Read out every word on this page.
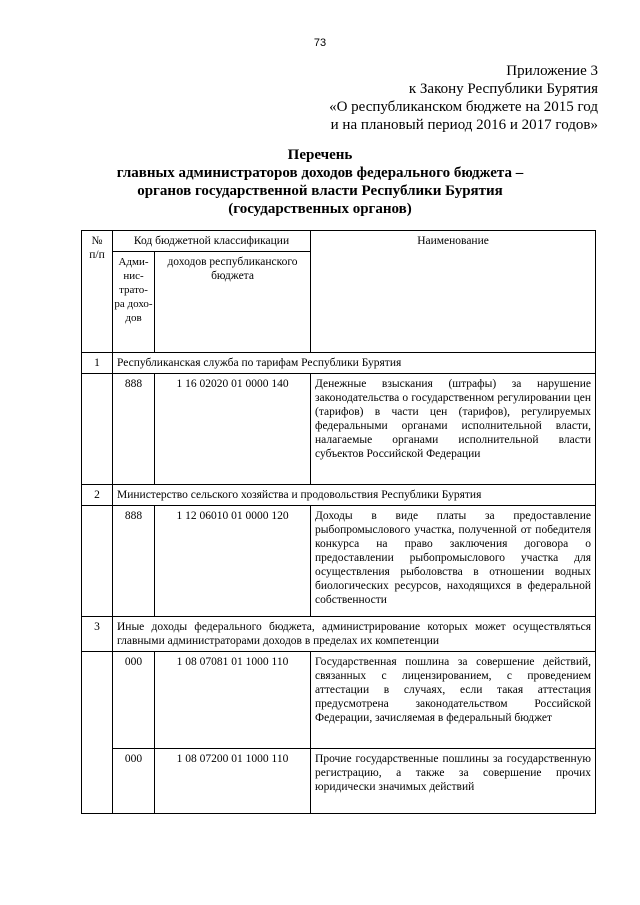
73
Приложение 3
к Закону Республики Бурятия
«О республиканском бюджете на 2015 год
и на плановый период 2016 и 2017 годов»
Перечень
главных администраторов доходов федерального бюджета –
органов государственной власти Республики Бурятия
(государственных органов)
№ п/п	Код бюджетной классификации		Наименование
	Адми-нис-трато-ра дохо-дов	доходов республиканского бюджета	
1	Республиканская служба по тарифам Республики Бурятия		
	888	1 16 02020 01 0000 140	Денежные взыскания (штрафы) за нарушение законодательства о государственном регулировании цен (тарифов) в части цен (тарифов), регулируемых федеральными органами исполнительной власти, налагаемые органами исполнительной власти субъектов Российской Федерации
2	Министерство сельского хозяйства и продовольствия Республики Бурятия		
	888	1 12 06010 01 0000 120	Доходы в виде платы за предоставление рыбопромыслового участка, полученной от победителя конкурса на право заключения договора о предоставлении рыбопромыслового участка для осуществления рыболовства в отношении водных биологических ресурсов, находящихся в федеральной собственности
3	Иные доходы федерального бюджета, администрирование которых может осуществляться главными администраторами доходов в пределах их компетенции		
	000	1 08 07081 01 1000 110	Государственная пошлина за совершение действий, связанных с лицензированием, с проведением аттестации в случаях, если такая аттестация предусмотрена законодательством Российской Федерации, зачисляемая в федеральный бюджет
	000	1 08 07200 01 1000 110	Прочие государственные пошлины за государственную регистрацию, а также за совершение прочих юридически значимых действий
